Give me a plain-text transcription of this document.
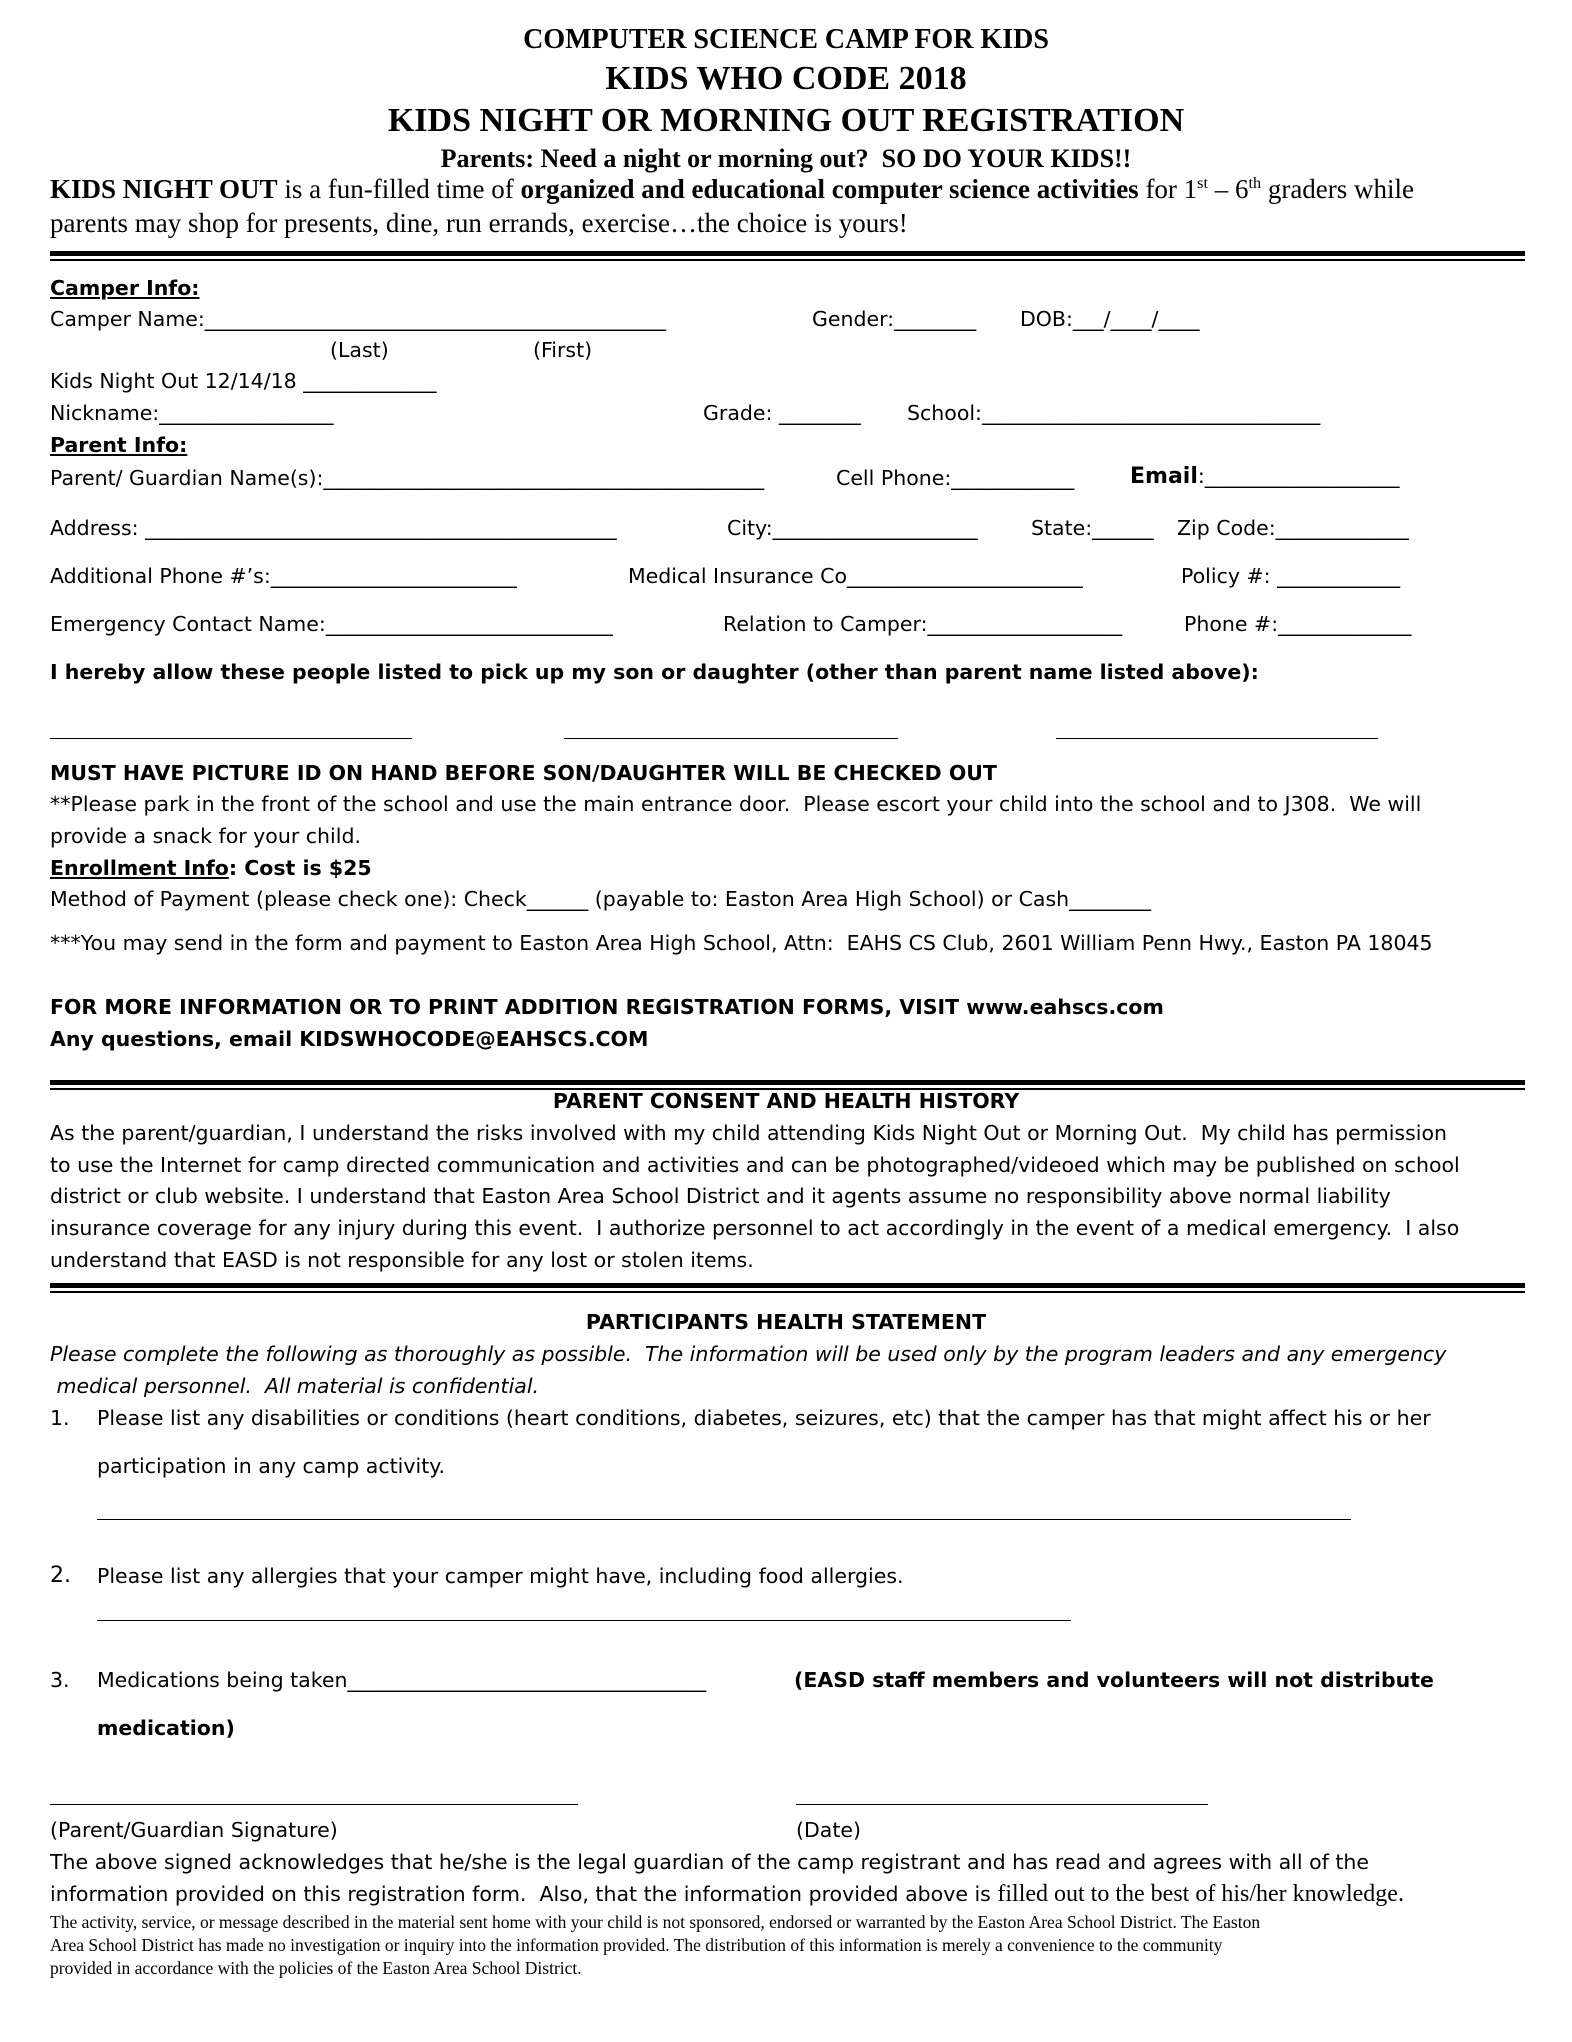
COMPUTER SCIENCE CAMP FOR KIDS
KIDS WHO CODE 2018
KIDS NIGHT OR MORNING OUT REGISTRATION
Parents: Need a night or morning out?  SO DO YOUR KIDS!!
KIDS NIGHT OUT is a fun-filled time of organized and educational computer science activities for 1st – 6th graders while
parents may shop for presents, dine, run errands, exercise…the choice is yours!
Camper Info:
Camper Name:_____________________________________________	Gender:________ DOB:___/____/____
(Last)	(First)
Kids Night Out 12/14/18 _____________
Nickname:_________________	Grade: ________ School:_________________________________
Parent Info:
Parent/ Guardian Name(s):___________________________________________	Cell Phone:____________	Email:___________________
Address: ______________________________________________	City:____________________	State:______ Zip Code:_____________
Additional Phone #’s:________________________	Medical Insurance Co_______________________	Policy #: ____________
Emergency Contact Name:____________________________	Relation to Camper:___________________	Phone #:_____________
I hereby allow these people listed to pick up my son or daughter (other than parent name listed above):
MUST HAVE PICTURE ID ON HAND BEFORE SON/DAUGHTER WILL BE CHECKED OUT
**Please park in the front of the school and use the main entrance door.  Please escort your child into the school and to J308.  We will
provide a snack for your child.
Enrollment Info: Cost is $25
Method of Payment (please check one): Check______ (payable to: Easton Area High School) or Cash________
***You may send in the form and payment to Easton Area High School, Attn:  EAHS CS Club, 2601 William Penn Hwy., Easton PA 18045
FOR MORE INFORMATION OR TO PRINT ADDITION REGISTRATION FORMS, VISIT www.eahscs.com
Any questions, email KIDSWHOCODE@EAHSCS.COM
PARENT CONSENT AND HEALTH HISTORY
As the parent/guardian, I understand the risks involved with my child attending Kids Night Out or Morning Out.  My child has permission
to use the Internet for camp directed communication and activities and can be photographed/videoed which may be published on school
district or club website. I understand that Easton Area School District and it agents assume no responsibility above normal liability
insurance coverage for any injury during this event.  I authorize personnel to act accordingly in the event of a medical emergency.  I also
understand that EASD is not responsible for any lost or stolen items.
PARTICIPANTS HEALTH STATEMENT
Please complete the following as thoroughly as possible.  The information will be used only by the program leaders and any emergency
medical personnel.  All material is confidential.
1. Please list any disabilities or conditions (heart conditions, diabetes, seizures, etc) that the camper has that might affect his or her
participation in any camp activity.
2. Please list any allergies that your camper might have, including food allergies.
3. Medications being taken___________________________________	(EASD staff members and volunteers will not distribute
medication)
(Parent/Guardian Signature)	(Date)
The above signed acknowledges that he/she is the legal guardian of the camp registrant and has read and agrees with all of the
information provided on this registration form.  Also, that the information provided above is filled out to the best of his/her knowledge.
The activity, service, or message described in the material sent home with your child is not sponsored, endorsed or warranted by the Easton Area School District. The Easton
Area School District has made no investigation or inquiry into the information provided. The distribution of this information is merely a convenience to the community
provided in accordance with the policies of the Easton Area School District.
